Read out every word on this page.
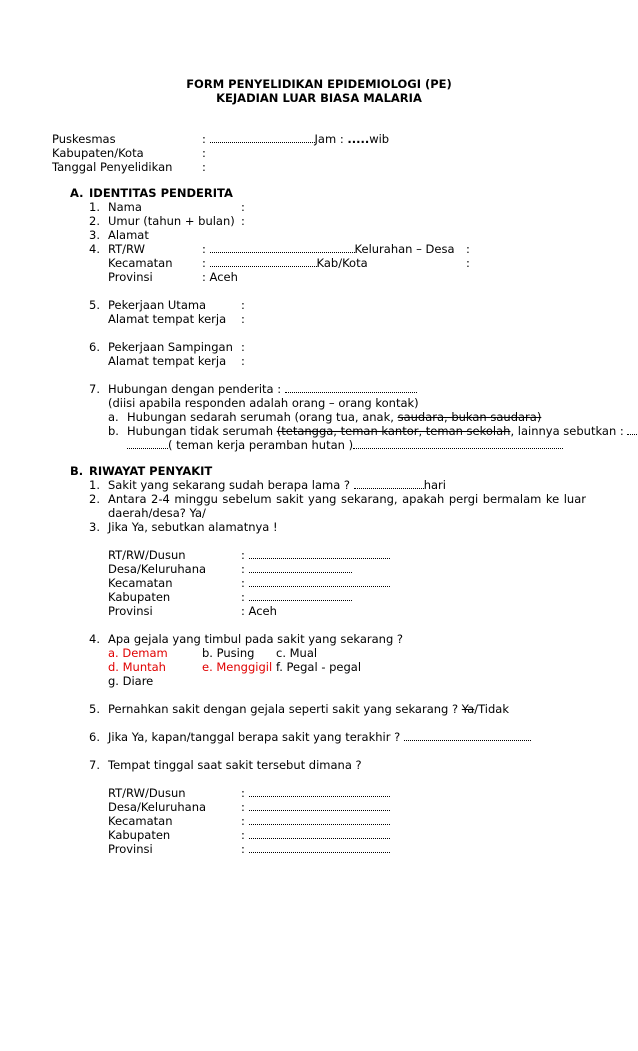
FORM PENYELIDIKAN EPIDEMIOLOGI (PE)
KEJADIAN LUAR BIASA MALARIA
Puskesmas	:	Jam : .....wib
Kabupaten/Kota	:
Tanggal Penyelidikan	:
A. IDENTITAS PENDERITA
1. Nama	:
2. Umur (tahun + bulan) :
3. Alamat
4. RT/RW	:	Kelurahan – Desa :
Kecamatan	:	Kab/Kota	:
Provinsi	: Aceh
5. Pekerjaan Utama	:
Alamat tempat kerja :
6. Pekerjaan Sampingan :
Alamat tempat kerja :
7. Hubungan dengan penderita :
(diisi apabila responden adalah orang – orang kontak)
a. Hubungan sedarah serumah (orang tua, anak, saudara, bukan saudara)
b. Hubungan tidak serumah (tetangga, teman kantor, teman sekolah, lainnya sebutkan :
( teman kerja peramban hutan )
B. RIWAYAT PENYAKIT
1. Sakit yang sekarang sudah berapa lama ?	hari
2. Antara 2-4 minggu sebelum sakit yang sekarang, apakah pergi bermalam ke luar
daerah/desa? Ya/
3. Jika Ya, sebutkan alamatnya !
RT/RW/Dusun	:
Desa/Keluruhana	:
Kecamatan	:
Kabupaten	:
Provinsi	: Aceh
4. Apa gejala yang timbul pada sakit yang sekarang ?
a. Demam	b. Pusing c. Mual
d. Muntah	e. Menggigil f. Pegal - pegal
g. Diare
5. Pernahkan sakit dengan gejala seperti sakit yang sekarang ? Ya/Tidak
6. Jika Ya, kapan/tanggal berapa sakit yang terakhir ?
7. Tempat tinggal saat sakit tersebut dimana ?
RT/RW/Dusun	:
Desa/Keluruhana	:
Kecamatan	:
Kabupaten	:
Provinsi	:
